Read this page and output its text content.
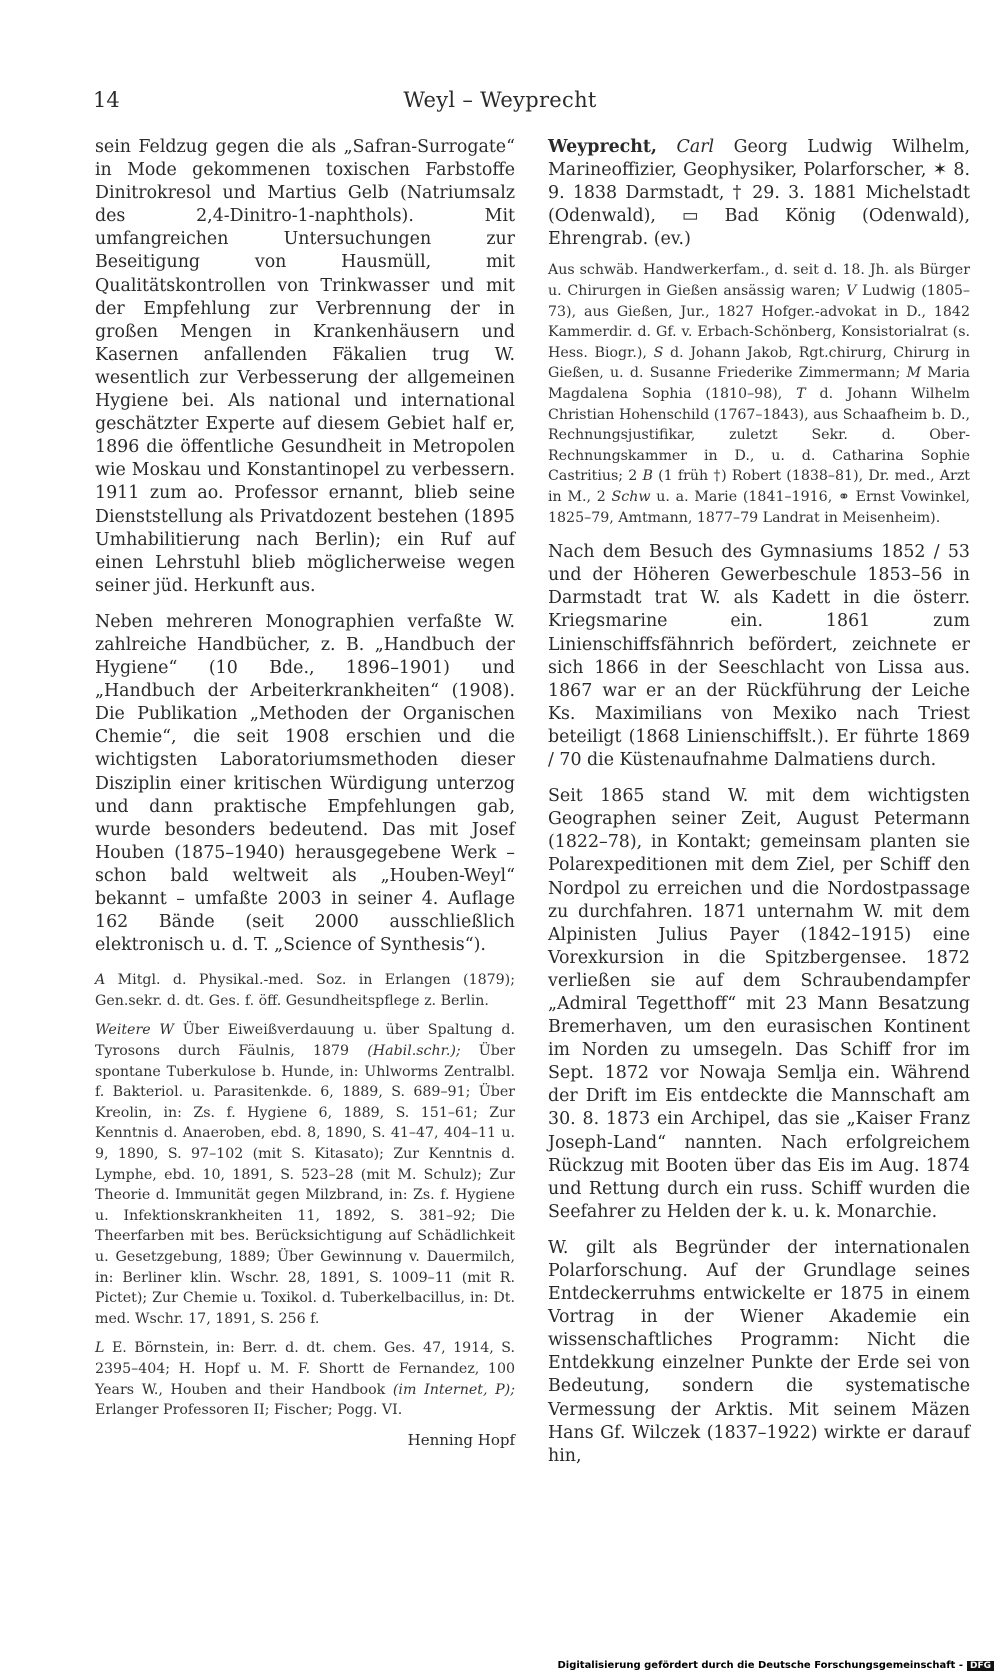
14	Weyl – Weyprecht

sein Feldzug gegen die als „Safran-Surrogate“ in Mode gekommenen toxischen Farbstoffe Dinitrokresol und Martius Gelb (Natriumsalz des 2,4-Dinitro-1-naphthols). Mit umfangreichen Untersuchungen zur Beseitigung von Hausmüll, mit Qualitätskontrollen von Trinkwasser und mit der Empfehlung zur Verbrennung der in großen Mengen in Krankenhäusern und Kasernen anfallenden Fäkalien trug W. wesentlich zur Verbesserung der allgemeinen Hygiene bei. Als national und international geschätzter Experte auf diesem Gebiet half er, 1896 die öffentliche Gesundheit in Metropolen wie Moskau und Konstantinopel zu verbessern. 1911 zum ao. Professor ernannt, blieb seine Dienststellung als Privatdozent bestehen (1895 Umhabilitierung nach Berlin); ein Ruf auf einen Lehrstuhl blieb möglicherweise wegen seiner jüd. Herkunft aus.

Neben mehreren Monographien verfaßte W. zahlreiche Handbücher, z. B. „Handbuch der Hygiene“ (10 Bde., 1896–1901) und „Handbuch der Arbeiterkrankheiten“ (1908). Die Publikation „Methoden der Organischen Chemie“, die seit 1908 erschien und die wichtigsten Laboratoriumsmethoden dieser Disziplin einer kritischen Würdigung unterzog und dann praktische Empfehlungen gab, wurde besonders bedeutend. Das mit Josef Houben (1875–1940) herausgegebene Werk – schon bald weltweit als „Houben-Weyl“ bekannt – umfaßte 2003 in seiner 4. Auflage 162 Bände (seit 2000 ausschließlich elektronisch u. d. T. „Science of Synthesis“).

A Mitgl. d. Physikal.-med. Soz. in Erlangen (1879); Gen.sekr. d. dt. Ges. f. öff. Gesundheitspflege z. Berlin.

Weitere W Über Eiweißverdauung u. über Spaltung d. Tyrosons durch Fäulnis, 1879 (Habil.schr.); Über spontane Tuberkulose b. Hunde, in: Uhlworms Zentralbl. f. Bakteriol. u. Parasitenkde. 6, 1889, S. 689–91; Über Kreolin, in: Zs. f. Hygiene 6, 1889, S. 151–61; Zur Kenntnis d. Anaeroben, ebd. 8, 1890, S. 41–47, 404–11 u. 9, 1890, S. 97–102 (mit S. Kitasato); Zur Kenntnis d. Lymphe, ebd. 10, 1891, S. 523–28 (mit M. Schulz); Zur Theorie d. Immunität gegen Milzbrand, in: Zs. f. Hygiene u. Infektionskrankheiten 11, 1892, S. 381–92; Die Theerfarben mit bes. Berücksichtigung auf Schädlichkeit u. Gesetzgebung, 1889; Über Gewinnung v. Dauermilch, in: Berliner klin. Wschr. 28, 1891, S. 1009–11 (mit R. Pictet); Zur Chemie u. Toxikol. d. Tuberkelbacillus, in: Dt. med. Wschr. 17, 1891, S. 256 f.

L E. Börnstein, in: Berr. d. dt. chem. Ges. 47, 1914, S. 2395–404; H. Hopf u. M. F. Shortt de Fernandez, 100 Years W., Houben and their Handbook (im Internet, P); Erlanger Professoren II; Fischer; Pogg. VI.

Henning Hopf

Weyprecht, Carl Georg Ludwig Wilhelm, Marineoffizier, Geophysiker, Polarforscher, ✶ 8. 9. 1838 Darmstadt, † 29. 3. 1881 Michelstadt (Odenwald), ▭ Bad König (Odenwald), Ehrengrab. (ev.)

Aus schwäb. Handwerkerfam., d. seit d. 18. Jh. als Bürger u. Chirurgen in Gießen ansässig waren; V Ludwig (1805–73), aus Gießen, Jur., 1827 Hofger.-advokat in D., 1842 Kammerdir. d. Gf. v. Erbach-Schönberg, Konsistorialrat (s. Hess. Biogr.), S d. Johann Jakob, Rgt.chirurg, Chirurg in Gießen, u. d. Susanne Friederike Zimmermann; M Maria Magdalena Sophia (1810–98), T d. Johann Wilhelm Christian Hohenschild (1767–1843), aus Schaafheim b. D., Rechnungsjustifikar, zuletzt Sekr. d. Ober-Rechnungskammer in D., u. d. Catharina Sophie Castritius; 2 B (1 früh †) Robert (1838–81), Dr. med., Arzt in M., 2 Schw u. a. Marie (1841–1916, ⚭ Ernst Vowinkel, 1825–79, Amtmann, 1877–79 Landrat in Meisenheim).

Nach dem Besuch des Gymnasiums 1852 / 53 und der Höheren Gewerbeschule 1853–56 in Darmstadt trat W. als Kadett in die österr. Kriegsmarine ein. 1861 zum Linienschiffsfähnrich befördert, zeichnete er sich 1866 in der Seeschlacht von Lissa aus. 1867 war er an der Rückführung der Leiche Ks. Maximilians von Mexiko nach Triest beteiligt (1868 Linienschiffslt.). Er führte 1869 / 70 die Küstenaufnahme Dalmatiens durch.

Seit 1865 stand W. mit dem wichtigsten Geographen seiner Zeit, August Petermann (1822–78), in Kontakt; gemeinsam planten sie Polarexpeditionen mit dem Ziel, per Schiff den Nordpol zu erreichen und die Nordostpassage zu durchfahren. 1871 unternahm W. mit dem Alpinisten Julius Payer (1842–1915) eine Vorexkursion in die Spitzbergensee. 1872 verließen sie auf dem Schraubendampfer „Admiral Tegetthoff“ mit 23 Mann Besatzung Bremerhaven, um den eurasischen Kontinent im Norden zu umsegeln. Das Schiff fror im Sept. 1872 vor Nowaja Semlja ein. Während der Drift im Eis entdeckte die Mannschaft am 30. 8. 1873 ein Archipel, das sie „Kaiser Franz Joseph-Land“ nannten. Nach erfolgreichem Rückzug mit Booten über das Eis im Aug. 1874 und Rettung durch ein russ. Schiff wurden die Seefahrer zu Helden der k. u. k. Monarchie.

W. gilt als Begründer der internationalen Polarforschung. Auf der Grundlage seines Entdeckerruhms entwickelte er 1875 in einem Vortrag in der Wiener Akademie ein wissenschaftliches Programm: Nicht die Entdekkung einzelner Punkte der Erde sei von Bedeutung, sondern die systematische Vermessung der Arktis. Mit seinem Mäzen Hans Gf. Wilczek (1837–1922) wirkte er darauf hin,

Digitalisierung gefördert durch die Deutsche Forschungsgemeinschaft - DFG
